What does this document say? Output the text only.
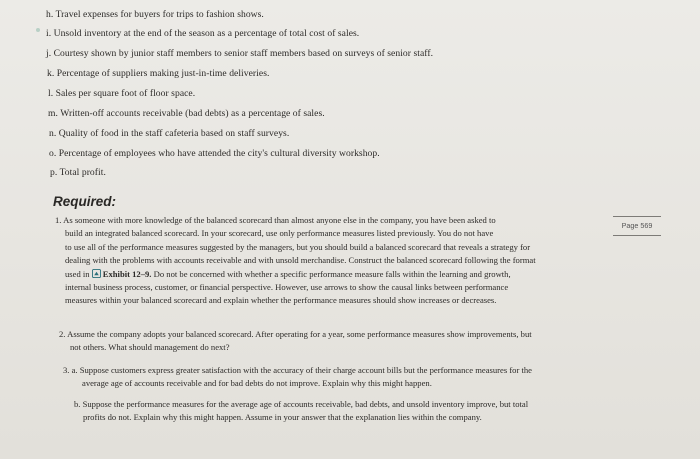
h. Travel expenses for buyers for trips to fashion shows.
i. Unsold inventory at the end of the season as a percentage of total cost of sales.
j. Courtesy shown by junior staff members to senior staff members based on surveys of senior staff.
k. Percentage of suppliers making just-in-time deliveries.
l. Sales per square foot of floor space.
m. Written-off accounts receivable (bad debts) as a percentage of sales.
n. Quality of food in the staff cafeteria based on staff surveys.
o. Percentage of employees who have attended the city's cultural diversity workshop.
p. Total profit.
Required:
Page 569
1. As someone with more knowledge of the balanced scorecard than almost anyone else in the company, you have been asked to
build an integrated balanced scorecard. In your scorecard, use only performance measures listed previously. You do not have
to use all of the performance measures suggested by the managers, but you should build a balanced scorecard that reveals a strategy for
dealing with the problems with accounts receivable and with unsold merchandise. Construct the balanced scorecard following the format
used in Exhibit 12–9. Do not be concerned with whether a specific performance measure falls within the learning and growth,
internal business process, customer, or financial perspective. However, use arrows to show the causal links between performance
measures within your balanced scorecard and explain whether the performance measures should show increases or decreases.
2. Assume the company adopts your balanced scorecard. After operating for a year, some performance measures show improvements, but
not others. What should management do next?
3. a. Suppose customers express greater satisfaction with the accuracy of their charge account bills but the performance measures for the
average age of accounts receivable and for bad debts do not improve. Explain why this might happen.
b. Suppose the performance measures for the average age of accounts receivable, bad debts, and unsold inventory improve, but total
profits do not. Explain why this might happen. Assume in your answer that the explanation lies within the company.
